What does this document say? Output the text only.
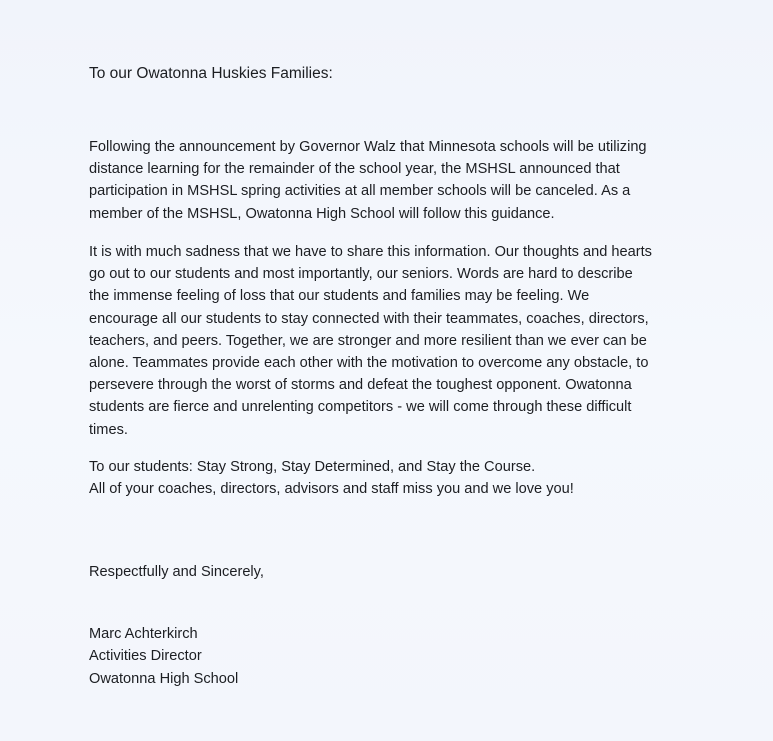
To our Owatonna Huskies Families:

Following the announcement by Governor Walz that Minnesota schools will be utilizing
distance learning for the remainder of the school year, the MSHSL announced that
participation in MSHSL spring activities at all member schools will be canceled. As a
member of the MSHSL, Owatonna High School will follow this guidance.

It is with much sadness that we have to share this information. Our thoughts and hearts
go out to our students and most importantly, our seniors. Words are hard to describe
the immense feeling of loss that our students and families may be feeling. We
encourage all our students to stay connected with their teammates, coaches, directors,
teachers, and peers. Together, we are stronger and more resilient than we ever can be
alone. Teammates provide each other with the motivation to overcome any obstacle, to
persevere through the worst of storms and defeat the toughest opponent. Owatonna
students are fierce and unrelenting competitors - we will come through these difficult
times.

To our students: Stay Strong, Stay Determined, and Stay the Course.
All of your coaches, directors, advisors and staff miss you and we love you!

Respectfully and Sincerely,

Marc Achterkirch
Activities Director
Owatonna High School
